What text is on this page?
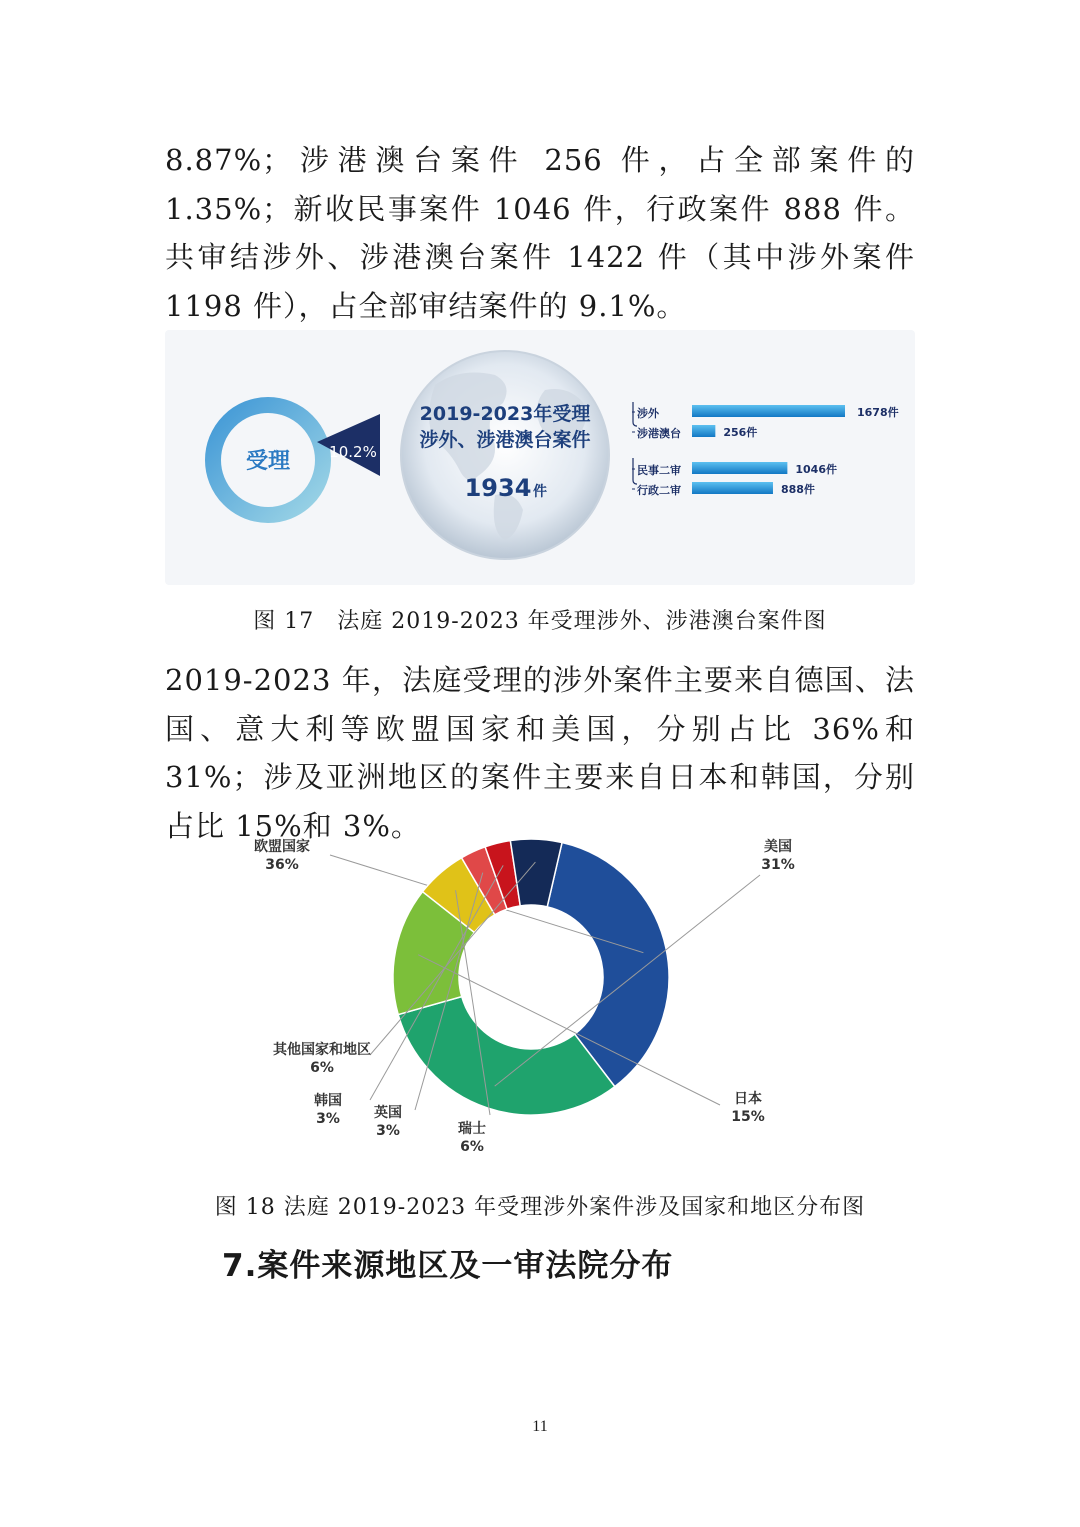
8.87%；涉港澳台案件 256 件，占全部案件的 1.35%；新收民事案件 1046 件，行政案件 888 件。共审结涉外、涉港澳台案件 1422 件（其中涉外案件 1198 件），占全部审结案件的 9.1%。

受理	10.2%
2019-2023年受理
涉外、涉港澳台案件
1934 件
涉外	1678件
涉港澳台	256件
民事二审	1046件
行政二审	888件
图 17　法庭 2019-2023 年受理涉外、涉港澳台案件图

2019-2023 年，法庭受理的涉外案件主要来自德国、法国、意大利等欧盟国家和美国，分别占比 36%和 31%；涉及亚洲地区的案件主要来自日本和韩国，分别占比 15%和 3%。

欧盟国家
36%
美国
31%
日本
15%
瑞士
6%
英国
3%
韩国
3%
其他国家和地区
6%
图 18 法庭 2019-2023 年受理涉外案件涉及国家和地区分布图
7.案件来源地区及一审法院分布
11
